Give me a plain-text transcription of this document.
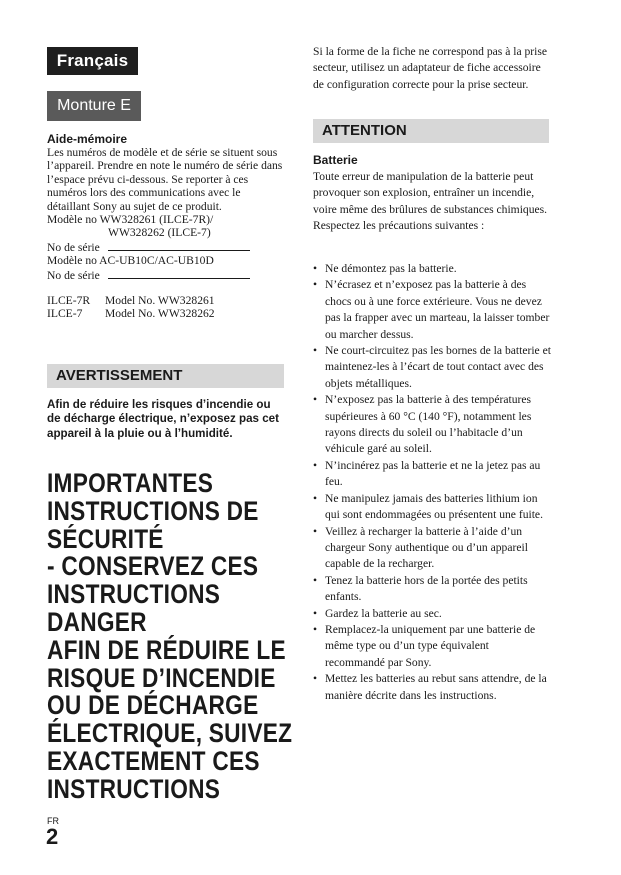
Français
Monture E
Aide-mémoire
Les numéros de modèle et de série se situent sous l’appareil. Prendre en note le numéro de série dans l’espace prévu ci-dessous. Se reporter à ces numéros lors des communications avec le détaillant Sony au sujet de ce produit.
Modèle no WW328261 (ILCE-7R)/
WW328262 (ILCE-7)
No de série
Modèle no AC-UB10C/AC-UB10D
No de série
ILCE-7R Model No. WW328261
ILCE-7 Model No. WW328262
AVERTISSEMENT
Afin de réduire les risques d’incendie ou de décharge électrique, n’exposez pas cet appareil à la pluie ou à l’humidité.
IMPORTANTES
INSTRUCTIONS DE
SÉCURITÉ
- CONSERVEZ CES
INSTRUCTIONS
DANGER
AFIN DE RÉDUIRE LE
RISQUE D’INCENDIE
OU DE DÉCHARGE
ÉLECTRIQUE, SUIVEZ
EXACTEMENT CES
INSTRUCTIONS
FR
2
Si la forme de la fiche ne correspond pas à la prise secteur, utilisez un adaptateur de fiche accessoire de configuration correcte pour la prise secteur.
ATTENTION
Batterie
Toute erreur de manipulation de la batterie peut provoquer son explosion, entraîner un incendie, voire même des brûlures de substances chimiques. Respectez les précautions suivantes :
• Ne démontez pas la batterie.
• N’écrasez et n’exposez pas la batterie à des chocs ou à une force extérieure. Vous ne devez pas la frapper avec un marteau, la laisser tomber ou marcher dessus.
• Ne court-circuitez pas les bornes de la batterie et maintenez-les à l’écart de tout contact avec des objets métalliques.
• N’exposez pas la batterie à des températures supérieures à 60 °C (140 °F), notamment les rayons directs du soleil ou l’habitacle d’un véhicule garé au soleil.
• N’incinérez pas la batterie et ne la jetez pas au feu.
• Ne manipulez jamais des batteries lithium ion qui sont endommagées ou présentent une fuite.
• Veillez à recharger la batterie à l’aide d’un chargeur Sony authentique ou d’un appareil capable de la recharger.
• Tenez la batterie hors de la portée des petits enfants.
• Gardez la batterie au sec.
• Remplacez-la uniquement par une batterie de même type ou d’un type équivalent recommandé par Sony.
• Mettez les batteries au rebut sans attendre, de la manière décrite dans les instructions.
